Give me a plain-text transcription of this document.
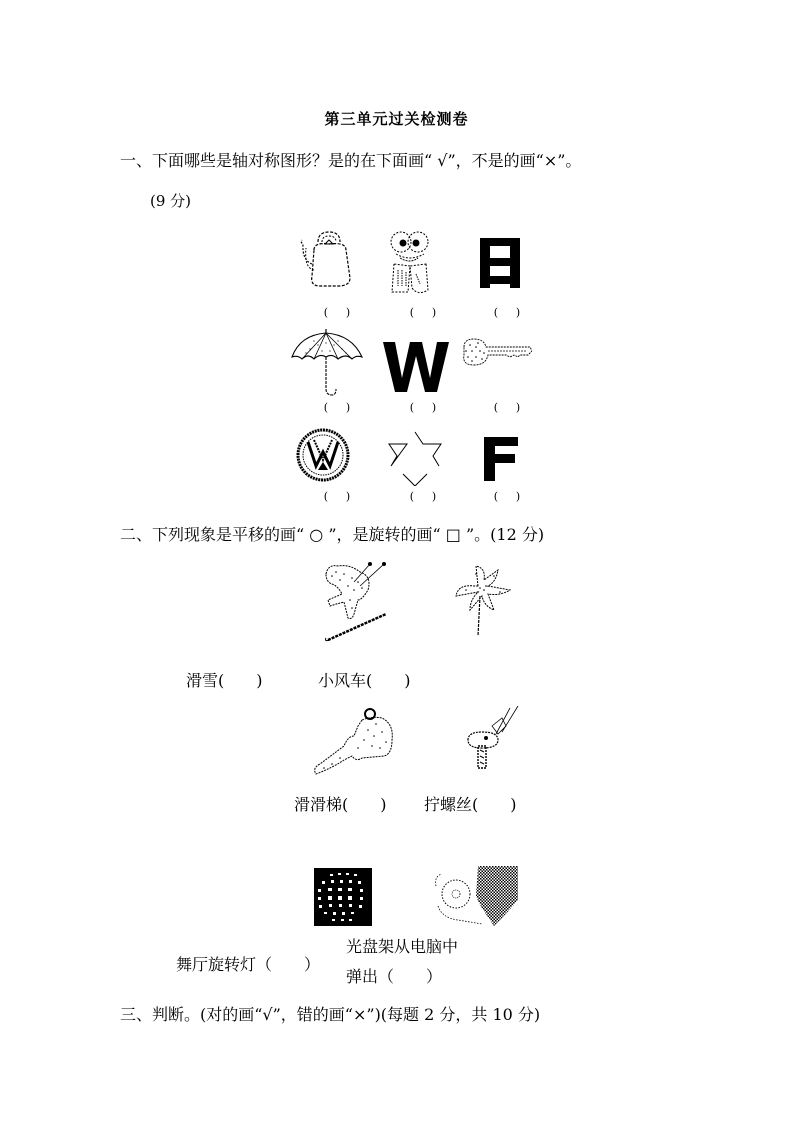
第三单元过关检测卷
一、下面哪些是轴对称图形？是的在下面画“ √”，不是的画“×”。
(9 分)
( )	( )	( )
( )	( )	( )
( )	( )	( )
二、下列现象是平移的画“ ○ ”，是旋转的画“ □ ”。(12 分)
滑雪(　　)	小风车(　　)
滑滑梯(　　) 拧螺丝(　　)
舞厅旋转灯（　　）
光盘架从电脑中
弹出（　　）
三、判断。(对的画“√”，错的画“×”)(每题 2 分，共 10 分)
